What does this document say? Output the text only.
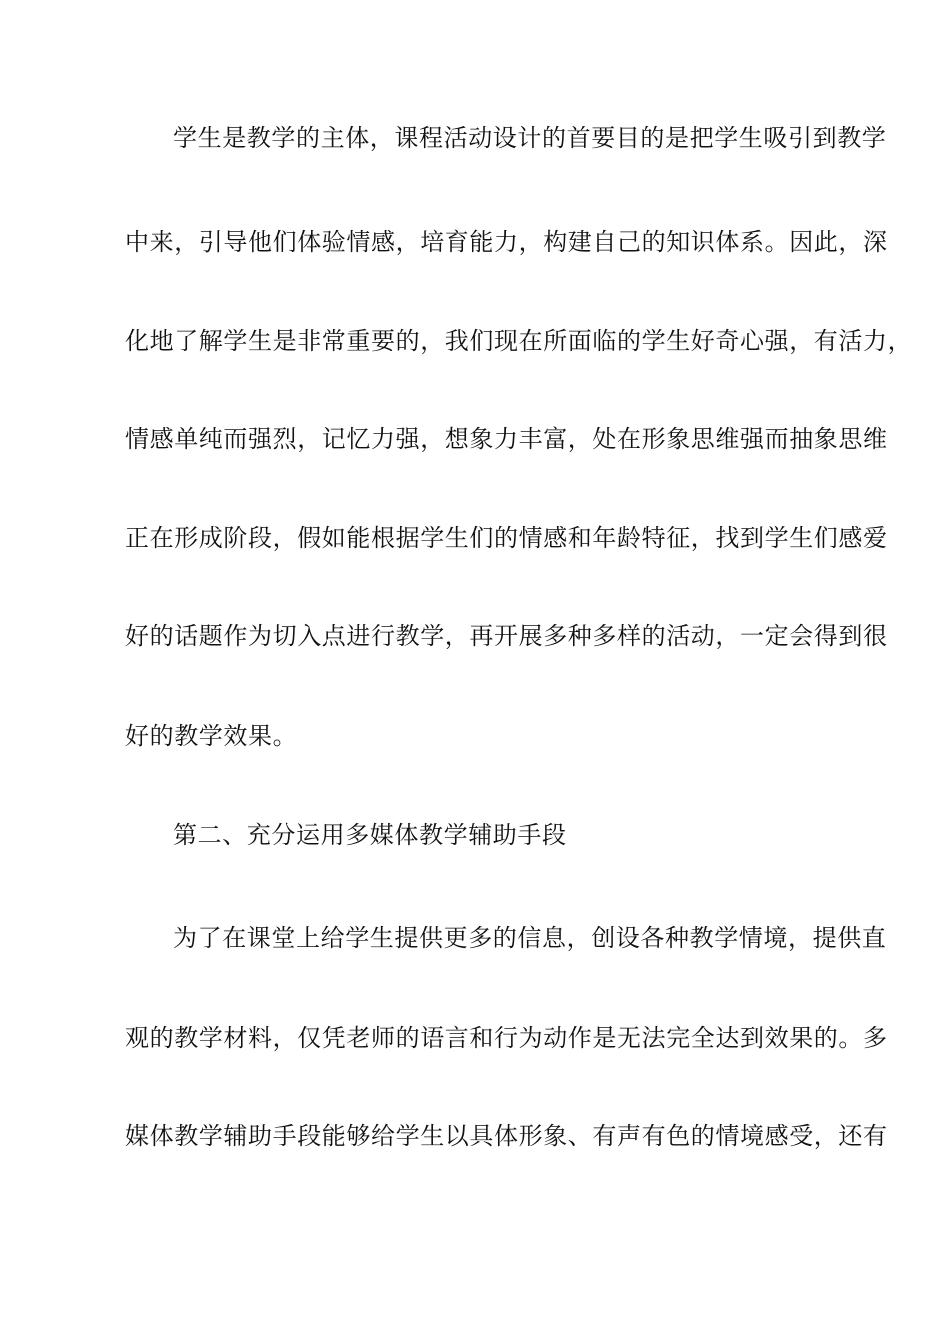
学生是教学的主体，课程活动设计的首要目的是把学生吸引到教学
中来，引导他们体验情感，培育能力，构建自己的知识体系。因此，深
化地了解学生是非常重要的，我们现在所面临的学生好奇心强，有活力，
情感单纯而强烈，记忆力强，想象力丰富，处在形象思维强而抽象思维
正在形成阶段，假如能根据学生们的情感和年龄特征，找到学生们感爱
好的话题作为切入点进行教学，再开展多种多样的活动，一定会得到很
好的教学效果。
第二、充分运用多媒体教学辅助手段
为了在课堂上给学生提供更多的信息，创设各种教学情境，提供直
观的教学材料，仅凭老师的语言和行为动作是无法完全达到效果的。多
媒体教学辅助手段能够给学生以具体形象、有声有色的情境感受，还有
